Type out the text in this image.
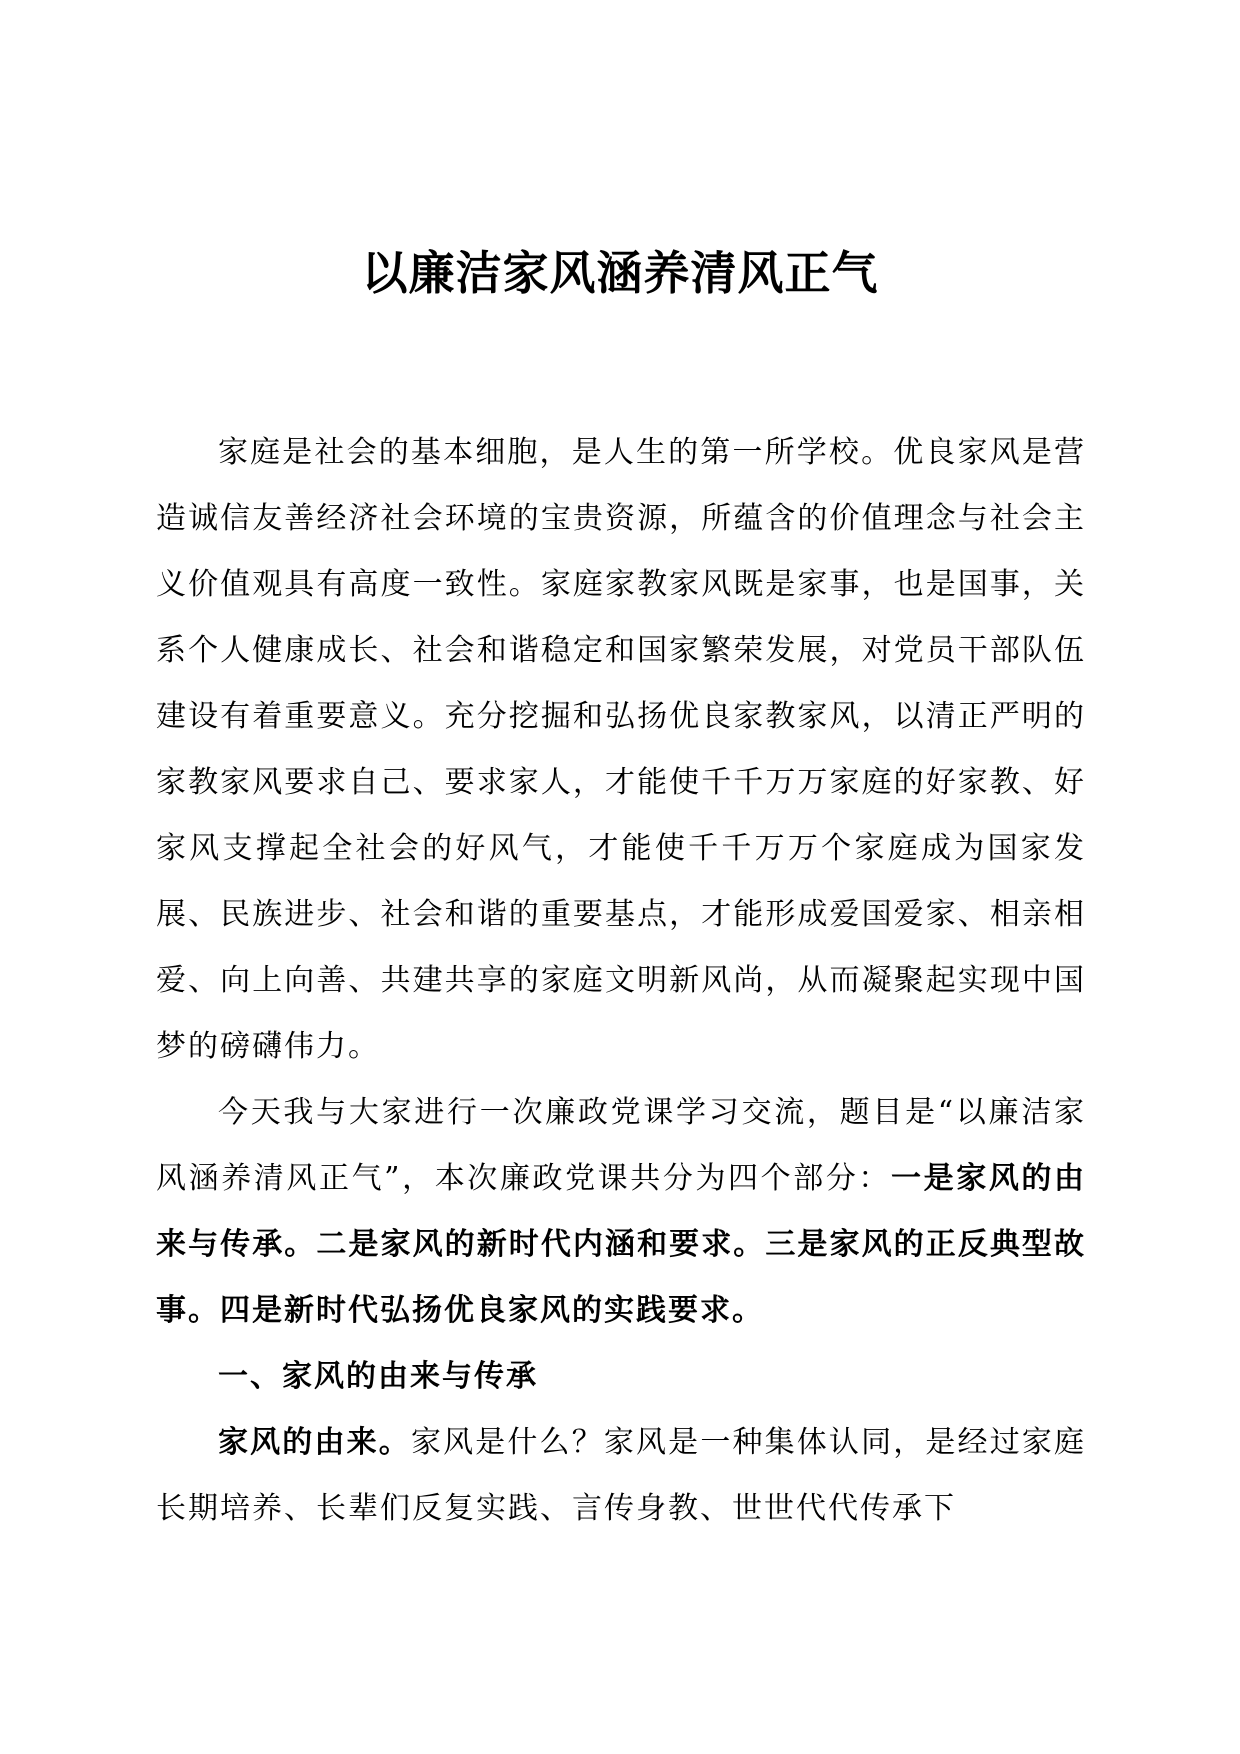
以廉洁家风涵养清风正气

家庭是社会的基本细胞，是人生的第一所学校。优良家风是营造诚信友善经济社会环境的宝贵资源，所蕴含的价值理念与社会主义价值观具有高度一致性。家庭家教家风既是家事，也是国事，关系个人健康成长、社会和谐稳定和国家繁荣发展，对党员干部队伍建设有着重要意义。充分挖掘和弘扬优良家教家风，以清正严明的家教家风要求自己、要求家人，才能使千千万万家庭的好家教、好家风支撑起全社会的好风气，才能使千千万万个家庭成为国家发展、民族进步、社会和谐的重要基点，才能形成爱国爱家、相亲相爱、向上向善、共建共享的家庭文明新风尚，从而凝聚起实现中国梦的磅礴伟力。

今天我与大家进行一次廉政党课学习交流，题目是“以廉洁家风涵养清风正气”，本次廉政党课共分为四个部分：一是家风的由来与传承。二是家风的新时代内涵和要求。三是家风的正反典型故事。四是新时代弘扬优良家风的实践要求。

一、家风的由来与传承

家风的由来。家风是什么？家风是一种集体认同，是经过家庭长期培养、长辈们反复实践、言传身教、世世代代传承下
